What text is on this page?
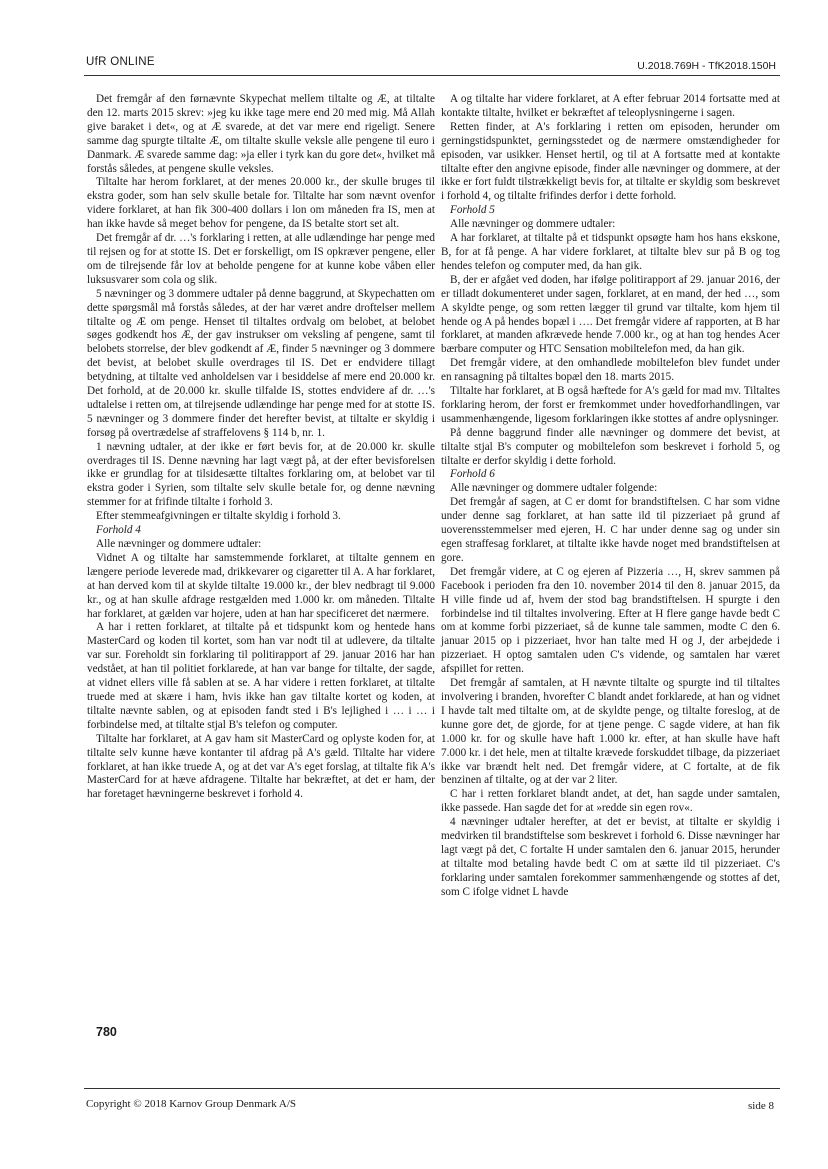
UfR ONLINE	U.2018.769H - TfK2018.150H

Det fremgår af den førnævnte Skypechat mellem tiltalte og Æ, at tiltalte den 12. marts 2015 skrev: »jeg ku ikke tage mere end 20 med mig. Må Allah give baraket i det«, og at Æ svarede, at det var mere end rigeligt. Senere samme dag spurgte tiltalte Æ, om tiltalte skulle veksle alle pengene til euro i Danmark. Æ svarede samme dag: »ja eller i tyrk kan du gore det«, hvilket må forstås således, at pengene skulle veksles.

Tiltalte har herom forklaret, at der menes 20.000 kr., der skulle bruges til ekstra goder, som han selv skulle betale for. Tiltalte har som nævnt ovenfor videre forklaret, at han fik 300-400 dollars i lon om måneden fra IS, men at han ikke havde så meget behov for pengene, da IS betalte stort set alt.

Det fremgår af dr. …'s forklaring i retten, at alle udlændinge har penge med til rejsen og for at stotte IS. Det er forskelligt, om IS opkræver pengene, eller om de tilrejsende får lov at beholde pengene for at kunne kobe våben eller luksusvarer som cola og slik.

5 nævninger og 3 dommere udtaler på denne baggrund, at Skypechatten om dette spørgsmål må forstås således, at der har været andre droftelser mellem tiltalte og Æ om penge. Henset til tiltaltes ordvalg om belobet, at belobet søges godkendt hos Æ, der gav instrukser om veksling af pengene, samt til belobets storrelse, der blev godkendt af Æ, finder 5 nævninger og 3 dommere det bevist, at belobet skulle overdrages til IS. Det er endvidere tillagt betydning, at tiltalte ved anholdelsen var i besiddelse af mere end 20.000 kr. Det forhold, at de 20.000 kr. skulle tilfalde IS, stottes endvidere af dr. …'s udtalelse i retten om, at tilrejsende udlændinge har penge med for at stotte IS. 5 nævninger og 3 dommere finder det herefter bevist, at tiltalte er skyldig i forsøg på overtrædelse af straffelovens § 114 b, nr. 1.

1 nævning udtaler, at der ikke er ført bevis for, at de 20.000 kr. skulle overdrages til IS. Denne nævning har lagt vægt på, at der efter bevisforelsen ikke er grundlag for at tilsidesætte tiltaltes forklaring om, at belobet var til ekstra goder i Syrien, som tiltalte selv skulle betale for, og denne nævning stemmer for at frifinde tiltalte i forhold 3.

Efter stemmeafgivningen er tiltalte skyldig i forhold 3.

Forhold 4

Alle nævninger og dommere udtaler:

Vidnet A og tiltalte har samstemmende forklaret, at tiltalte gennem en længere periode leverede mad, drikkevarer og cigaretter til A. A har forklaret, at han derved kom til at skylde tiltalte 19.000 kr., der blev nedbragt til 9.000 kr., og at han skulle afdrage restgælden med 1.000 kr. om måneden. Tiltalte har forklaret, at gælden var hojere, uden at han har specificeret det nærmere.

A har i retten forklaret, at tiltalte på et tidspunkt kom og hentede hans MasterCard og koden til kortet, som han var nodt til at udlevere, da tiltalte var sur. Foreholdt sin forklaring til politirapport af 29. januar 2016 har han vedstået, at han til politiet forklarede, at han var bange for tiltalte, der sagde, at vidnet ellers ville få sablen at se. A har videre i retten forklaret, at tiltalte truede med at skære i ham, hvis ikke han gav tiltalte kortet og koden, at tiltalte nævnte sablen, og at episoden fandt sted i B's lejlighed i … i … i forbindelse med, at tiltalte stjal B's telefon og computer.

Tiltalte har forklaret, at A gav ham sit MasterCard og oplyste koden for, at tiltalte selv kunne hæve kontanter til afdrag på A's gæld. Tiltalte har videre forklaret, at han ikke truede A, og at det var A's eget forslag, at tiltalte fik A's MasterCard for at hæve afdragene. Tiltalte har bekræftet, at det er ham, der har foretaget hævningerne beskrevet i forhold 4.

A og tiltalte har videre forklaret, at A efter februar 2014 fortsatte med at kontakte tiltalte, hvilket er bekræftet af teleoplysningerne i sagen.

Retten finder, at A's forklaring i retten om episoden, herunder om gerningstidspunktet, gerningsstedet og de nærmere omstændigheder for episoden, var usikker. Henset hertil, og til at A fortsatte med at kontakte tiltalte efter den angivne episode, finder alle nævninger og dommere, at der ikke er fort fuldt tilstrækkeligt bevis for, at tiltalte er skyldig som beskrevet i forhold 4, og tiltalte frifindes derfor i dette forhold.

Forhold 5

Alle nævninger og dommere udtaler:

A har forklaret, at tiltalte på et tidspunkt opsøgte ham hos hans ekskone, B, for at få penge. A har videre forklaret, at tiltalte blev sur på B og tog hendes telefon og computer med, da han gik.

B, der er afgået ved doden, har ifølge politirapport af 29. januar 2016, der er tilladt dokumenteret under sagen, forklaret, at en mand, der hed …, som A skyldte penge, og som retten lægger til grund var tiltalte, kom hjem til hende og A på hendes bopæl i …. Det fremgår videre af rapporten, at B har forklaret, at manden afkrævede hende 7.000 kr., og at han tog hendes Acer bærbare computer og HTC Sensation mobiltelefon med, da han gik.

Det fremgår videre, at den omhandlede mobiltelefon blev fundet under en ransagning på tiltaltes bopæl den 18. marts 2015.

Tiltalte har forklaret, at B også hæftede for A's gæld for mad mv. Tiltaltes forklaring herom, der forst er fremkommet under hovedforhandlingen, var usammenhængende, ligesom forklaringen ikke stottes af andre oplysninger.

På denne baggrund finder alle nævninger og dommere det bevist, at tiltalte stjal B's computer og mobiltelefon som beskrevet i forhold 5, og tiltalte er derfor skyldig i dette forhold.

Forhold 6

Alle nævninger og dommere udtaler folgende:

Det fremgår af sagen, at C er domt for brandstiftelsen. C har som vidne under denne sag forklaret, at han satte ild til pizzeriaet på grund af uoverensstemmelser med ejeren, H. C har under denne sag og under sin egen straffesag forklaret, at tiltalte ikke havde noget med brandstiftelsen at gore.

Det fremgår videre, at C og ejeren af Pizzeria …, H, skrev sammen på Facebook i perioden fra den 10. november 2014 til den 8. januar 2015, da H ville finde ud af, hvem der stod bag brandstiftelsen. H spurgte i den forbindelse ind til tiltaltes involvering. Efter at H flere gange havde bedt C om at komme forbi pizzeriaet, så de kunne tale sammen, modte C den 6. januar 2015 op i pizzeriaet, hvor han talte med H og J, der arbejdede i pizzeriaet. H optog samtalen uden C's vidende, og samtalen har været afspillet for retten.

Det fremgår af samtalen, at H nævnte tiltalte og spurgte ind til tiltaltes involvering i branden, hvorefter C blandt andet forklarede, at han og vidnet I havde talt med tiltalte om, at de skyldte penge, og tiltalte foreslog, at de kunne gore det, de gjorde, for at tjene penge. C sagde videre, at han fik 1.000 kr. for og skulle have haft 1.000 kr. efter, at han skulle have haft 7.000 kr. i det hele, men at tiltalte krævede forskuddet tilbage, da pizzeriaet ikke var brændt helt ned. Det fremgår videre, at C fortalte, at de fik benzinen af tiltalte, og at der var 2 liter.

C har i retten forklaret blandt andet, at det, han sagde under samtalen, ikke passede. Han sagde det for at »redde sin egen rov«.

4 nævninger udtaler herefter, at det er bevist, at tiltalte er skyldig i medvirken til brandstiftelse som beskrevet i forhold 6. Disse nævninger har lagt vægt på det, C fortalte H under samtalen den 6. januar 2015, herunder at tiltalte mod betaling havde bedt C om at sætte ild til pizzeriaet. C's forklaring under samtalen forekommer sammenhængende og stottes af det, som C ifolge vidnet L havde

780
Copyright © 2018 Karnov Group Denmark A/S	side 8
